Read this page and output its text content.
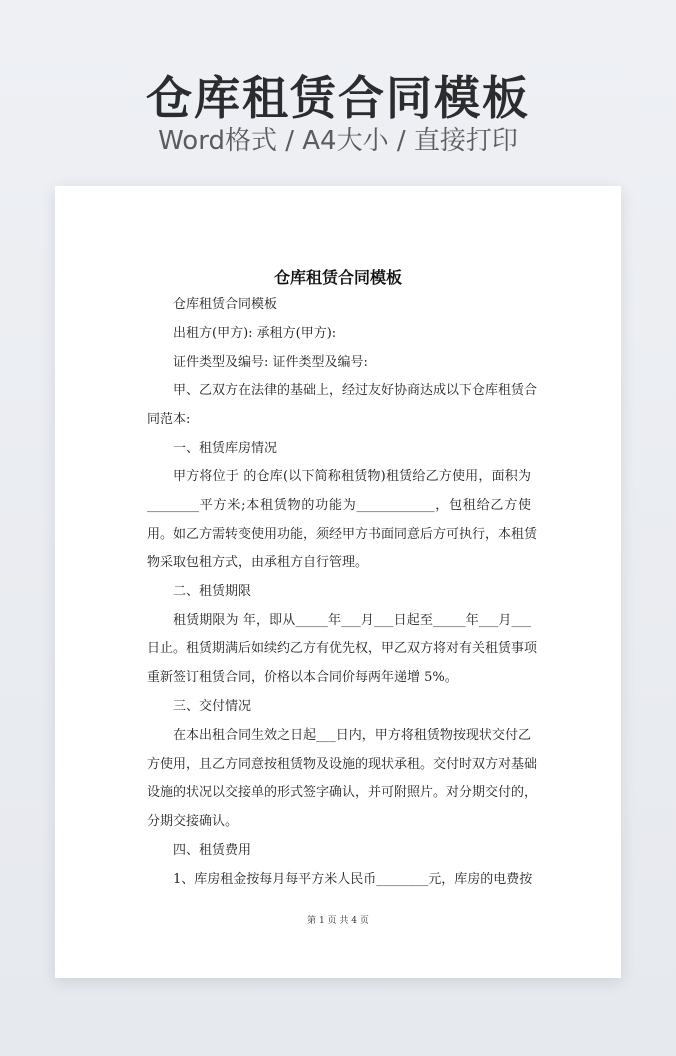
仓库租赁合同模板
Word格式 / A4大小 / 直接打印
仓库租赁合同模板
仓库租赁合同模板
出租方(甲方): 承租方(甲方):
证件类型及编号: 证件类型及编号:
甲、乙双方在法律的基础上，经过友好协商达成以下仓库租赁合
同范本:
一、租赁库房情况
甲方将位于 的仓库(以下简称租赁物)租赁给乙方使用，面积为
________平方米;本租赁物的功能为____________，包租给乙方使
用。如乙方需转变使用功能，须经甲方书面同意后方可执行，本租赁
物采取包租方式，由承租方自行管理。
二、租赁期限
租赁期限为 年，即从_____年___月___日起至_____年___月___
日止。租赁期满后如续约乙方有优先权，甲乙双方将对有关租赁事项
重新签订租赁合同，价格以本合同价每两年递增 5%。
三、交付情况
在本出租合同生效之日起___日内，甲方将租赁物按现状交付乙
方使用，且乙方同意按租赁物及设施的现状承租。交付时双方对基础
设施的状况以交接单的形式签字确认，并可附照片。对分期交付的，
分期交接确认。
四、租赁费用
1、库房租金按每月每平方米人民币________元，库房的电费按
第 1 页 共 4 页
